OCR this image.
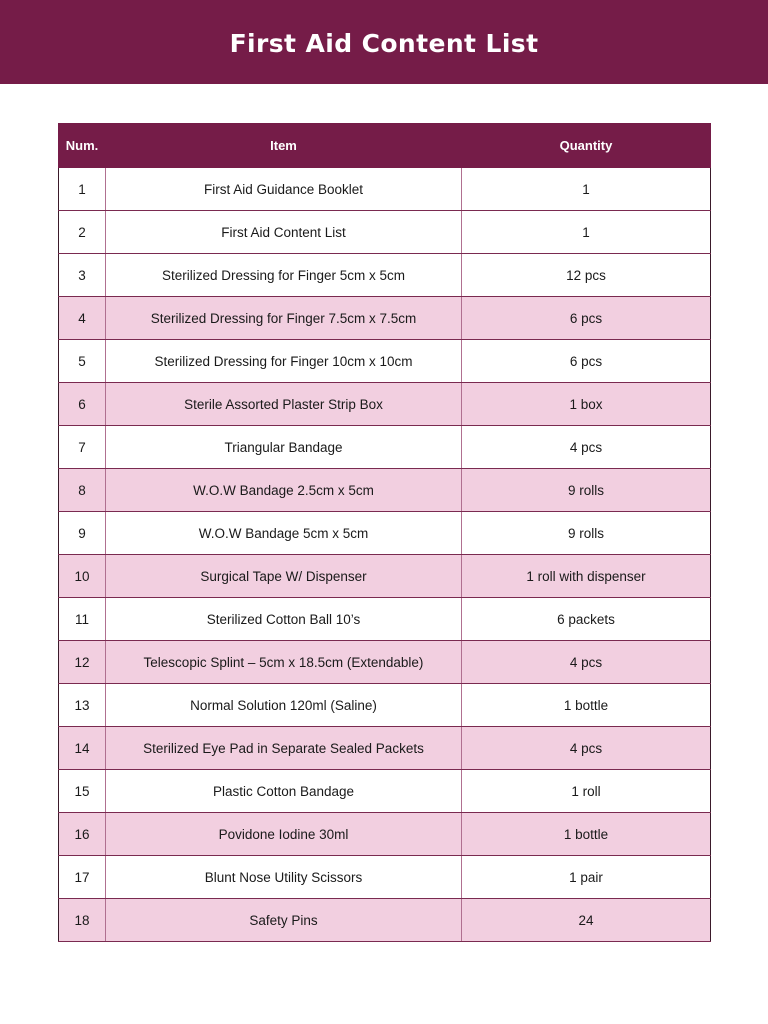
First Aid Content List
Num.	Item	Quantity
1	First Aid Guidance Booklet	1
2	First Aid Content List	1
3	Sterilized Dressing for Finger 5cm x 5cm	12 pcs
4	Sterilized Dressing for Finger 7.5cm x 7.5cm	6 pcs
5	Sterilized Dressing for Finger 10cm x 10cm	6 pcs
6	Sterile Assorted Plaster Strip Box	1 box
7	Triangular Bandage	4 pcs
8	W.O.W Bandage 2.5cm x 5cm	9 rolls
9	W.O.W Bandage 5cm x 5cm	9 rolls
10	Surgical Tape W/ Dispenser	1 roll with dispenser
11	Sterilized Cotton Ball 10’s	6 packets
12	Telescopic Splint – 5cm x 18.5cm (Extendable)	4 pcs
13	Normal Solution 120ml (Saline)	1 bottle
14	Sterilized Eye Pad in Separate Sealed Packets	4 pcs
15	Plastic Cotton Bandage	1 roll
16	Povidone Iodine 30ml	1 bottle
17	Blunt Nose Utility Scissors	1 pair
18	Safety Pins	24
